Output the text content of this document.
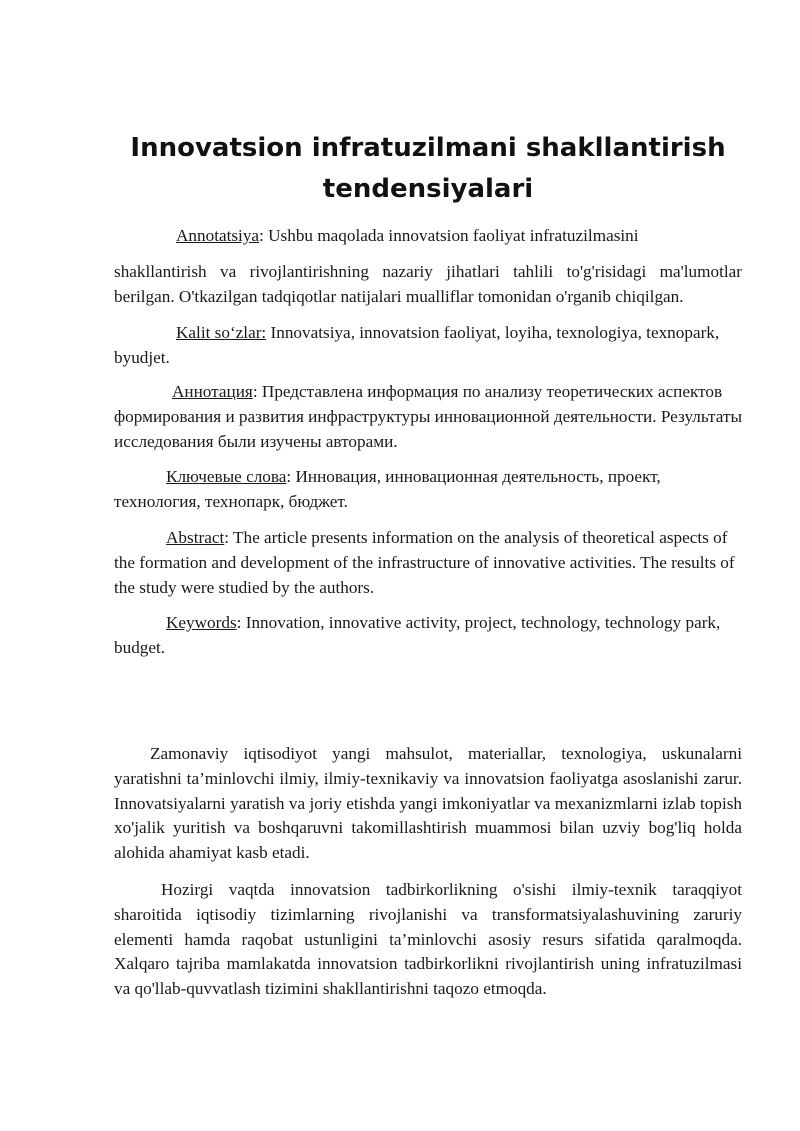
Innovatsion infratuzilmani shakllantirish tendensiyalari

Annotatsiya: Ushbu maqolada innovatsion faoliyat infratuzilmasini

shakllantirish va rivojlantirishning nazariy jihatlari tahlili to'g'risidagi ma'lumotlar berilgan. O'tkazilgan tadqiqotlar natijalari mualliflar tomonidan o'rganib chiqilgan.

Kalit so‘zlar: Innovatsiya, innovatsion faoliyat, loyiha, texnologiya, texnopark, byudjet.

Аннотация: Представлена информация по анализу теоретических аспектов формирования и развития инфраструктуры инновационной деятельности. Результаты исследования были изучены авторами.

Ключевые слова: Инновация, инновационная деятельность, проект, технология, технопарк, бюджет.

Abstract: The article presents information on the analysis of theoretical aspects of the formation and development of the infrastructure of innovative activities. The results of the study were studied by the authors.

Keywords: Innovation, innovative activity, project, technology, technology park, budget.

Zamonaviy iqtisodiyot yangi mahsulot, materiallar, texnologiya, uskunalarni yaratishni ta’minlovchi ilmiy, ilmiy-texnikaviy va innovatsion faoliyatga asoslanishi zarur. Innovatsiyalarni yaratish va joriy etishda yangi imkoniyatlar va mexanizmlarni izlab topish xo'jalik yuritish va boshqaruvni takomillashtirish muammosi bilan uzviy bog'liq holda alohida ahamiyat kasb etadi.

Hozirgi vaqtda innovatsion tadbirkorlikning o'sishi ilmiy-texnik taraqqiyot sharoitida iqtisodiy tizimlarning rivojlanishi va transformatsiyalashuvining zaruriy elementi hamda raqobat ustunligini ta’minlovchi asosiy resurs sifatida qaralmoqda. Xalqaro tajriba mamlakatda innovatsion tadbirkorlikni rivojlantirish uning infratuzilmasi va qo'llab-quvvatlash tizimini shakllantirishni taqozo etmoqda.
